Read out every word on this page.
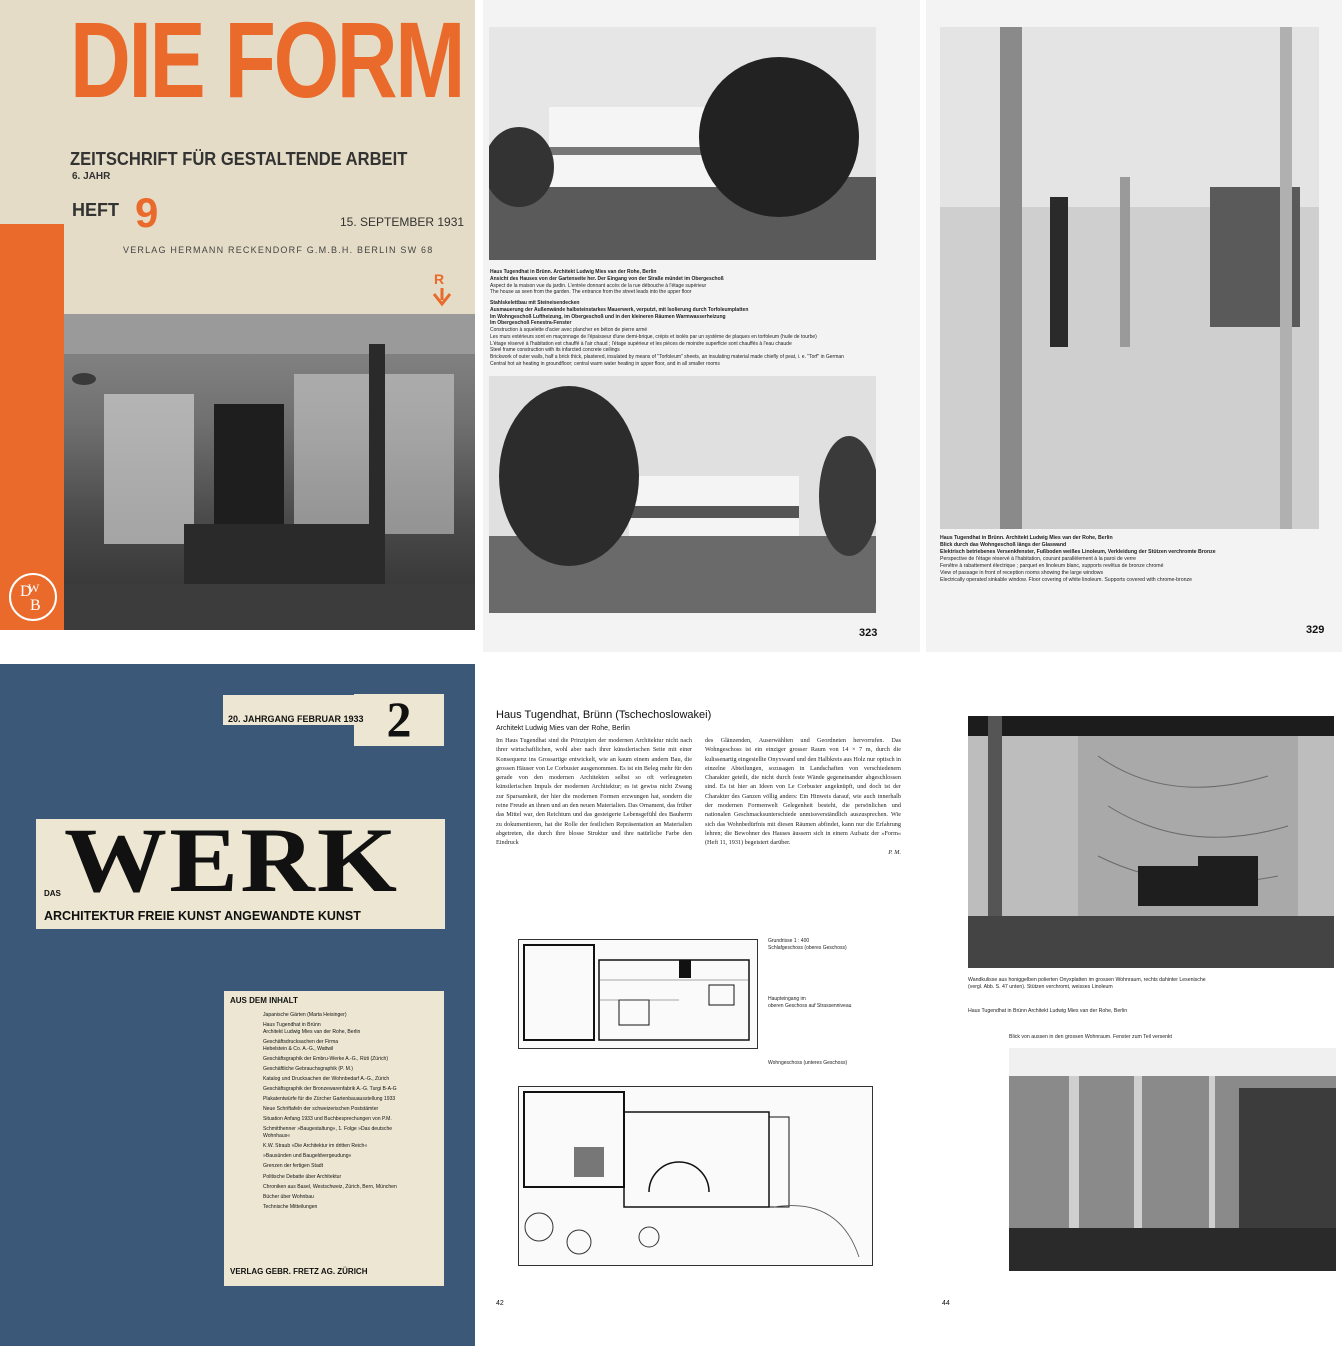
DIE FORM
ZEITSCHRIFT FÜR GESTALTENDE ARBEIT
6. JAHR
HEFT 9	15. SEPTEMBER 1931
VERLAG HERMANN RECKENDORF G.M.B.H. BERLIN SW 68
R
D
B
W
Haus Tugendhat in Brünn. Architekt Ludwig Mies van der Rohe, Berlin
Ansicht des Hauses von der Gartenseite her. Der Eingang von der Straße mündet im Obergeschoß
Aspect de la maison vue du jardin. L'entrée donnant accès de la rue débouche à l'étage supérieur
The house as seen from the garden. The entrance from the street leads into the upper floor
Stahlskelettbau mit Steineisendecken
Ausmauerung der Außenwände halbsteinstarkes Mauerwerk, verputzt, mit Isolierung durch Torfoleumplatten
Im Wohngeschoß Luftheizung, im Obergeschoß und in den kleineren Räumen Warmwasserheizung
Im Obergeschoß Fenestra-Fenster
Construction à squelette d'acier avec plancher en béton de pierre armé
Les murs extérieurs sont en maçonnage de l'épaisseur d'une demi-brique, crépis et isolés par un système de plaques en torfoleum (huile de tourbe)
L'étage réservé à l'habitation est chauffé à l'air chaud ; l'étage supérieur et les pièces de moindre superficie sont chauffés à l'eau chaude
Steel frame construction with its infarcted concrete ceilings
Brickwork of outer walls, half a brick thick, plastered, insulated by means of "Torfoleum" sheets, an insulating material made chiefly of peat, i. e. "Torf" in German
Central hot air heating in groundfloor; central warm water heating in upper floor, and in all smaller rooms
323
Haus Tugendhat in Brünn. Architekt Ludwig Mies van der Rohe, Berlin
Blick durch das Wohngeschoß längs der Glaswand
Elektrisch betriebenes Versenkfenster, Fußboden weißes Linoleum, Verkleidung der Stützen verchromte Bronze
Perspective de l'étage réservé à l'habitation, courant parallèlement à la paroi de verre
Fenêtre à rabattement électrique ; parquet en linoleum blanc, supports revêtus de bronze chromé
View of passage in front of reception rooms showing the large windows
Electrically operated sinkable window. Floor covering of white linoleum. Supports covered with chrome-bronze
329
2
20. JAHRGANG FEBRUAR 1933
WERK
DAS
ARCHITEKTUR FREIE KUNST ANGEWANDTE KUNST
AUS DEM INHALT
Japanische Gärten (Marta Heisinger)
Haus Tugendhat in Brünn
Architekt Ludwig Mies van der Rohe, Berlin
Geschäftsdrucksachen der Firma
Hebelstein & Co. A.-G., Wattwil
Geschäftsgraphik der Embru-Werke A.-G., Rüti (Zürich)
Geschäftliche Gebrauchsgraphik (P. M.)
Katalog und Drucksachen der Wohnbedarf A.-G., Zürich
Geschäftsgraphik der Bronzewarenfabrik A.-G. Turgi B-A-G
Plakatentwürfe für die Zürcher Gartenbauausstellung 1933
Neue Schriftafeln der schweizerischen Poststämter
Situation Anfang 1933 und Buchbesprechungen von P.M.
Schmitthenner »Baugestaltung«, 1. Folge »Das deutsche
Wohnhaus«
K.W. Straub »Die Architektur im dritten Reich«
»Bausünden und Baugeldvergeudung«
Grenzen der fertigen Stadt
Politische Debatte über Architektur
Chroniken aus Basel, Westschweiz, Zürich, Bern, München
Bücher über Wohnbau
Technische Mitteilungen
VERLAG GEBR. FRETZ AG. ZÜRICH
Haus Tugendhat, Brünn (Tschechoslowakei)
Architekt Ludwig Mies van der Rohe, Berlin
Im Haus Tugendhat sind die Prinzipien der modernen Architektur nicht nach ihrer wirtschaftlichen, wohl aber nach ihrer künstlerischen Seite mit einer Konsequenz ins Grossartige entwickelt, wie an kaum einem andern Bau, die grossen Häuser von Le Corbusier ausgenommen. Es ist ein Beleg mehr für den gerade von den modernen Architekten selbst so oft verleugneten künstlerischen Impuls der modernen Architektur; es ist gewiss nicht Zwang zur Sparsamkeit, der hier die modernen Formen erzwungen hat, sondern die reine Freude an ihnen und an den neuen Materialien. Das Ornament, das früher das Mittel war, den Reichtum und das gesteigerte Lebensgefühl des Bauherrn zu dokumentieren, hat die Rolle der festlichen Repräsentation an Materialien abgetreten, die durch ihre blosse Struktur und ihre natürliche Farbe den Eindruck
des Glänzenden, Auserwählten und Geordneten hervorrufen. Das Wohngeschoss ist ein einziger grosser Raum von 14 × 7 m, durch die kulissenartig eingestellte Onyxwand und den Halbkreis aus Holz nur optisch in einzelne Abteilungen, sozusagen in Landschaften von verschiedenem Charakter geteilt, die nicht durch feste Wände gegeneinander abgeschlossen sind. Es ist hier an Ideen von Le Corbusier angeknüpft, und doch ist der Charakter des Ganzen völlig anders: Ein Hinweis darauf, wie auch innerhalb der modernen Formenwelt Gelegenheit besteht, die persönlichen und nationalen Geschmacksunterschiede unmissverständlich auszusprechen. Wie sich das Wohnbedürfnis mit diesen Räumen abfindet, kann nur die Erfahrung lehren; die Bewohner des Hauses äussern sich in einem Aufsatz der »Form« (Heft 11, 1931) begeistert darüber.
P. M.
Grundrisse 1 : 400
Schlafgeschoss (oberes Geschoss)
Haupteingang im
oberen Geschoss auf Strassenniveau
Wohngeschoss (unteres Geschoss)
42
Wandkulisse aus honiggelben polierten Onyxplatten im grossen Wohnraum, rechts dahinter Lesenische
(vergl. Abb. S. 47 unten). Stützen verchromt, weisses Linoleum
Haus Tugendhat in Brünn Architekt Ludwig Mies van der Rohe, Berlin
Blick von aussen in den grossen Wohnraum. Fenster zum Teil versenkt
44
